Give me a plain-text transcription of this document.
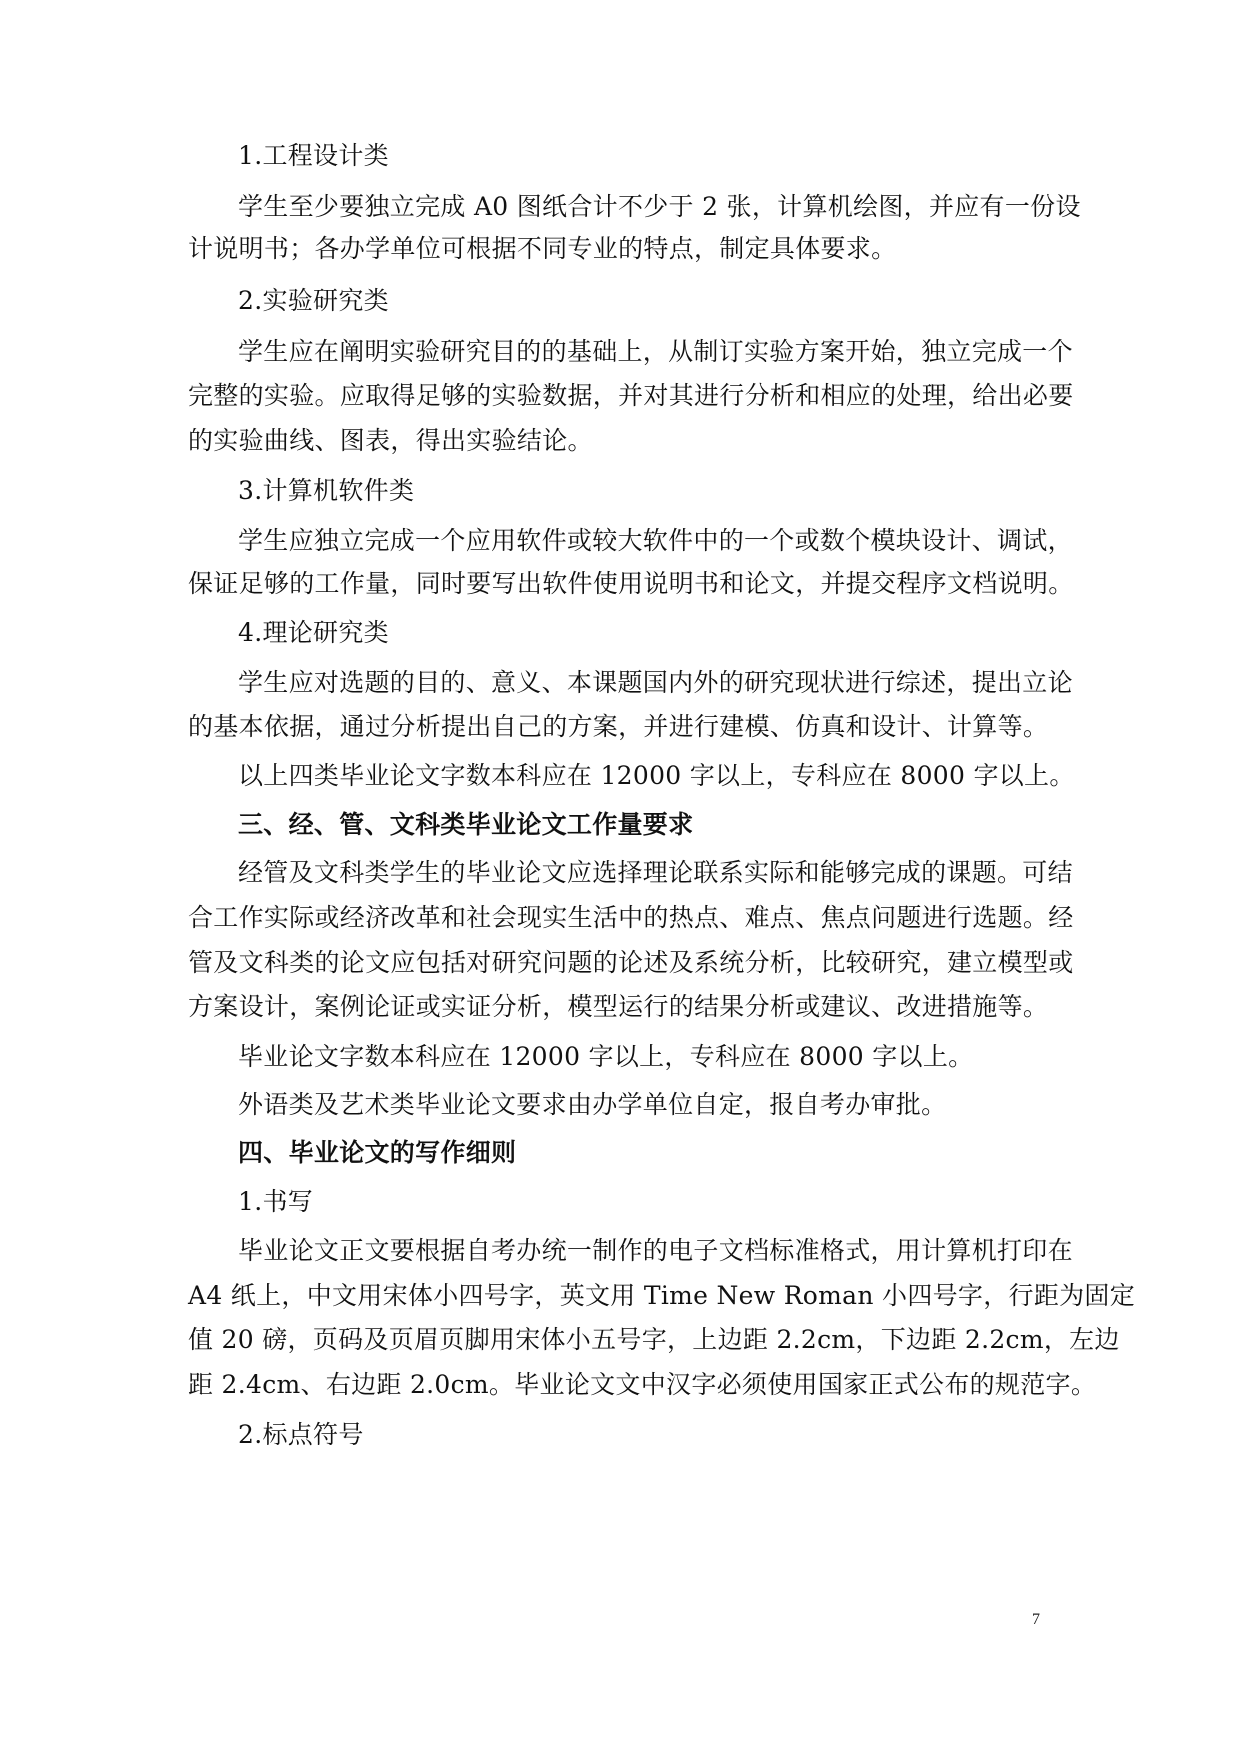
1.工程设计类
学生至少要独立完成 A0 图纸合计不少于 2 张，计算机绘图，并应有一份设
计说明书；各办学单位可根据不同专业的特点，制定具体要求。
2.实验研究类
学生应在阐明实验研究目的的基础上，从制订实验方案开始，独立完成一个
完整的实验。应取得足够的实验数据，并对其进行分析和相应的处理，给出必要
的实验曲线、图表，得出实验结论。
3.计算机软件类
学生应独立完成一个应用软件或较大软件中的一个或数个模块设计、调试，
保证足够的工作量，同时要写出软件使用说明书和论文，并提交程序文档说明。
4.理论研究类
学生应对选题的目的、意义、本课题国内外的研究现状进行综述，提出立论
的基本依据，通过分析提出自己的方案，并进行建模、仿真和设计、计算等。
以上四类毕业论文字数本科应在 12000 字以上，专科应在 8000 字以上。
三、经、管、文科类毕业论文工作量要求
经管及文科类学生的毕业论文应选择理论联系实际和能够完成的课题。可结
合工作实际或经济改革和社会现实生活中的热点、难点、焦点问题进行选题。经
管及文科类的论文应包括对研究问题的论述及系统分析，比较研究，建立模型或
方案设计，案例论证或实证分析，模型运行的结果分析或建议、改进措施等。
毕业论文字数本科应在 12000 字以上，专科应在 8000 字以上。
外语类及艺术类毕业论文要求由办学单位自定，报自考办审批。
四、毕业论文的写作细则
1.书写
毕业论文正文要根据自考办统一制作的电子文档标准格式，用计算机打印在
A4 纸上，中文用宋体小四号字，英文用 Time New Roman 小四号字，行距为固定
值 20 磅，页码及页眉页脚用宋体小五号字，上边距 2.2cm，下边距 2.2cm，左边
距 2.4cm、右边距 2.0cm。毕业论文文中汉字必须使用国家正式公布的规范字。
2.标点符号
7
